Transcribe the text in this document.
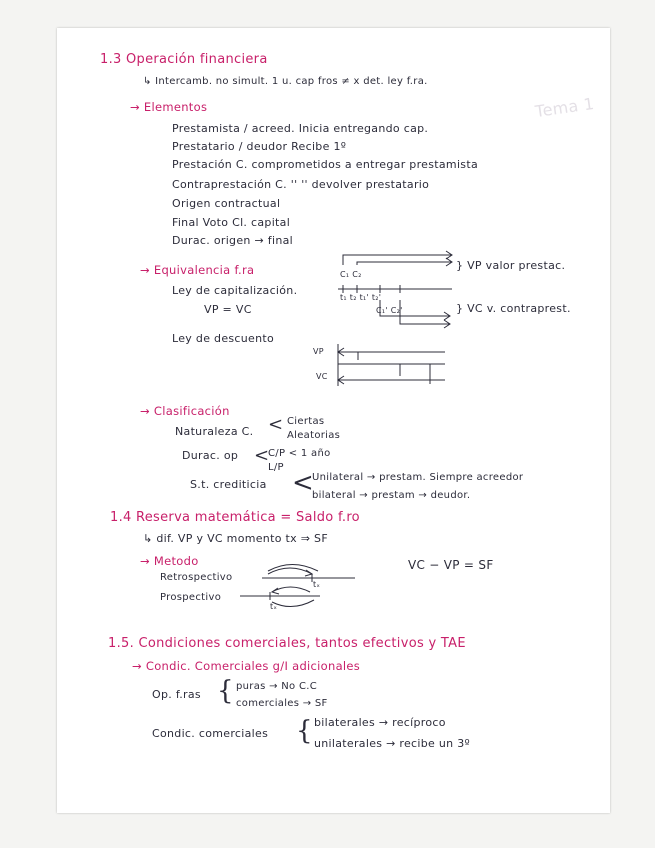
Tema 1
1.3 Operación financiera
↳ Intercamb. no simult. 1 u. cap fros ≠ x det. ley f.ra.
→ Elementos
Prestamista / acreed. Inicia entregando cap.
Prestatario / deudor Recibe 1º
Prestación C. comprometidos a entregar prestamista
Contraprestación C. '' '' devolver prestatario
Origen contractual
Final Voto Cl. capital
Durac. origen → final
→ Equivalencia f.ra
Ley de capitalización.
VP = VC
Ley de descuento
} VP valor prestac.
} VC v. contraprest.
C₁ C₂
t₁ t₂ t₁' t₂'
C₁' C₂'
VP
VC
→ Clasificación
Naturaleza C. < Ciertas
Aleatorias
Durac. op <
C/P < 1 año
L/P
S.t. crediticia <
Unilateral → prestam. Siempre acreedor
bilateral → prestam → deudor.
1.4 Reserva matemática = Saldo f.ro
↳ dif. VP y VC momento tx ⇒ SF
→ Metodo
Retrospectivo
Prospectivo
VC − VP = SF
tₓ
tₓ
1.5. Condiciones comerciales, tantos efectivos y TAE
→ Condic. Comerciales g/I adicionales
Op. f.ras { puras → No C.C
comerciales → SF
Condic. comerciales { bilaterales → recíproco
unilaterales → recibe un 3º
